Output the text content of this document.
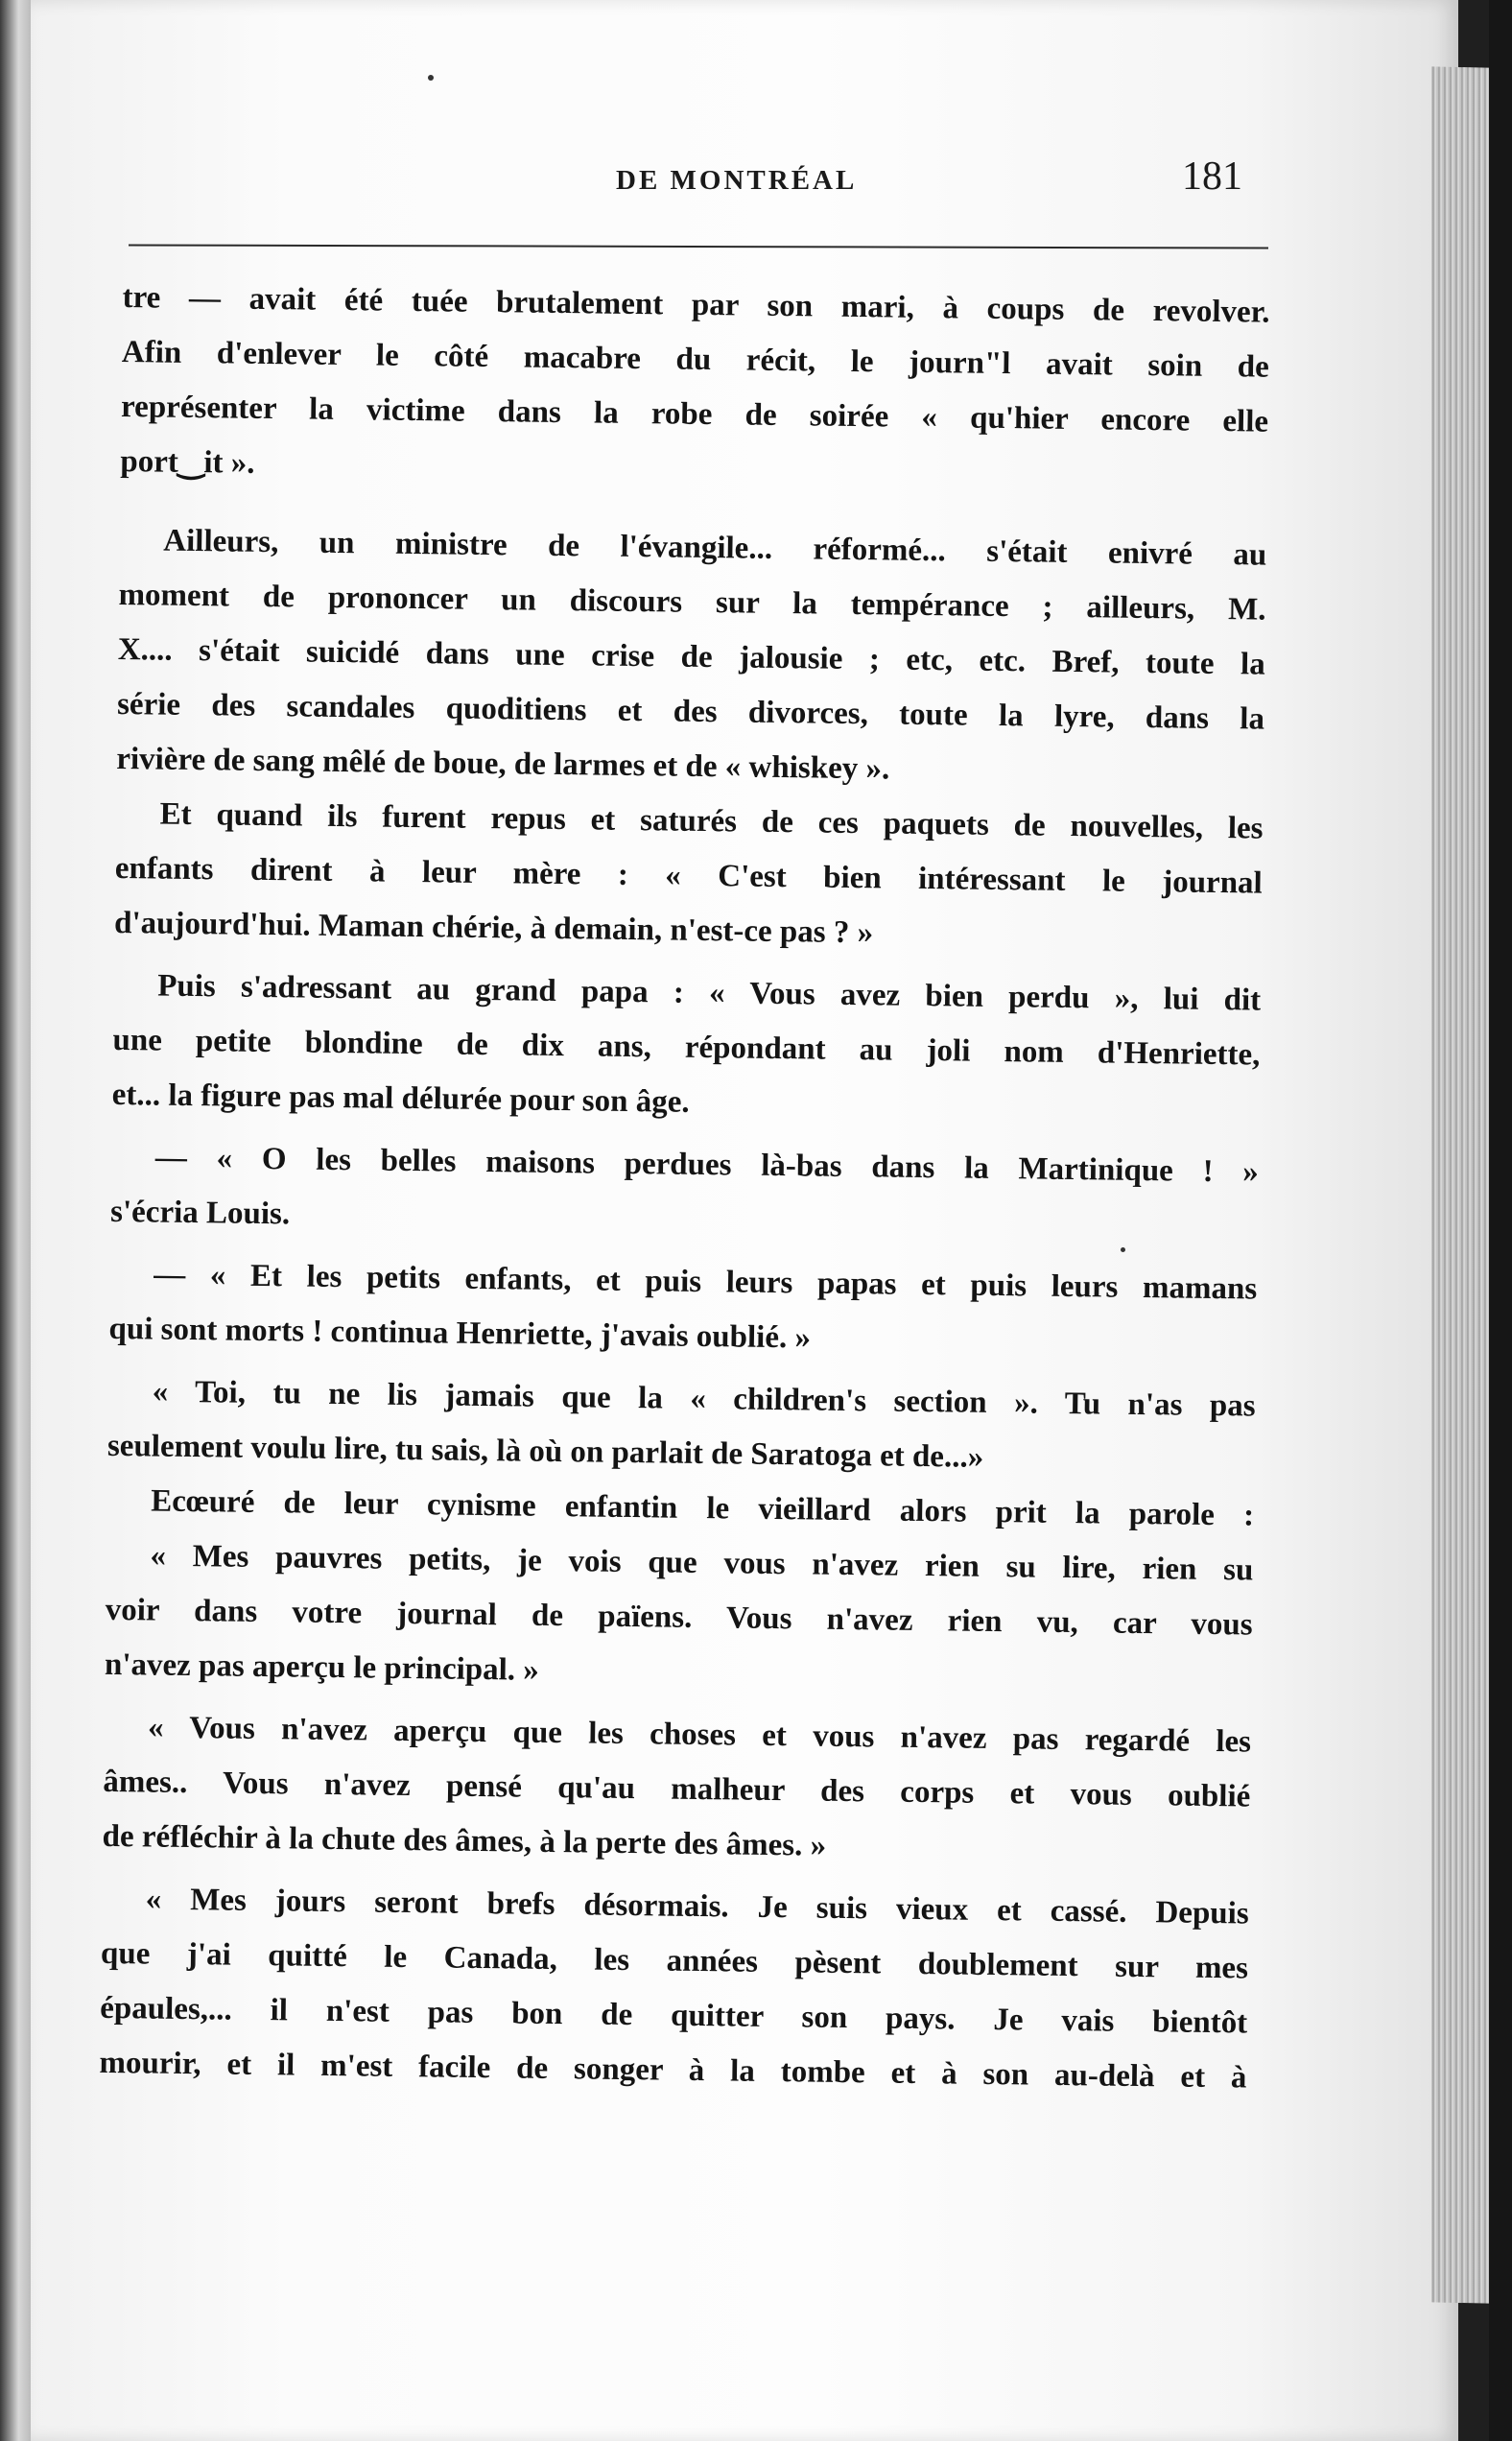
DE MONTRÉAL	181
tre — avait été tuée brutalement par son mari, à coups de revolver.
Afin d'enlever le côté macabre du récit, le journ"l avait soin de
représenter la victime dans la robe de soirée « qu'hier encore elle
port‿it ».
Ailleurs, un ministre de l'évangile... réformé... s'était enivré au
moment de prononcer un discours sur la tempérance ; ailleurs, M.
X.... s'était suicidé dans une crise de jalousie ; etc, etc. Bref, toute la
série des scandales quoditiens et des divorces, toute la lyre, dans la
rivière de sang mêlé de boue, de larmes et de « whiskey ».
Et quand ils furent repus et saturés de ces paquets de nouvelles, les
enfants dirent à leur mère : « C'est bien intéressant le journal
d'aujourd'hui. Maman chérie, à demain, n'est-ce pas ? »
Puis s'adressant au grand papa : « Vous avez bien perdu », lui dit
une petite blondine de dix ans, répondant au joli nom d'Henriette,
et... la figure pas mal délurée pour son âge.
— « O les belles maisons perdues là-bas dans la Martinique ! »
s'écria Louis.
— « Et les petits enfants, et puis leurs papas et puis leurs mamans
qui sont morts ! continua Henriette, j'avais oublié. »
« Toi, tu ne lis jamais que la « children's section ». Tu n'as pas
seulement voulu lire, tu sais, là où on parlait de Saratoga et de...»
Ecœuré de leur cynisme enfantin le vieillard alors prit la parole :
« Mes pauvres petits, je vois que vous n'avez rien su lire, rien su
voir dans votre journal de païens. Vous n'avez rien vu, car vous
n'avez pas aperçu le principal. »
« Vous n'avez aperçu que les choses et vous n'avez pas regardé les
âmes.. Vous n'avez pensé qu'au malheur des corps et vous oublié
de réfléchir à la chute des âmes, à la perte des âmes. »
« Mes jours seront brefs désormais. Je suis vieux et cassé. Depuis
que j'ai quitté le Canada, les années pèsent doublement sur mes
épaules,... il n'est pas bon de quitter son pays. Je vais bientôt
mourir, et il m'est facile de songer à la tombe et à son au-delà et à
